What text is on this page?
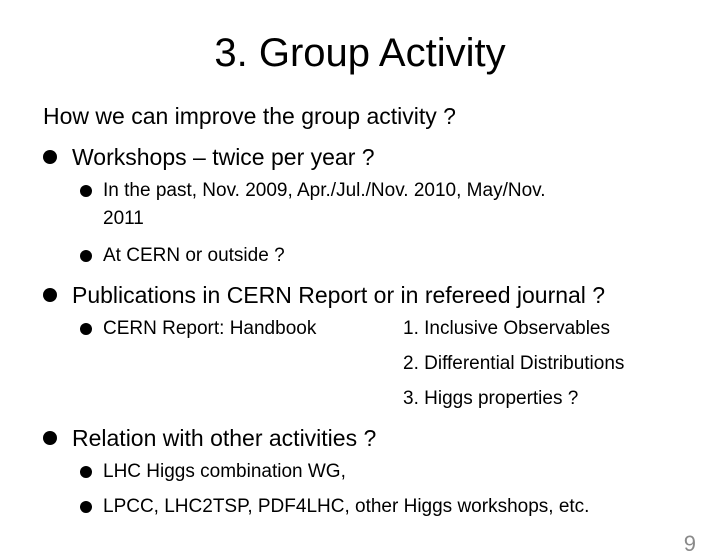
3. Group Activity
How we can improve the group activity ?
Workshops – twice per year ?
In the past, Nov. 2009, Apr./Jul./Nov. 2010, May/Nov.
2011
At CERN or outside ?
Publications in CERN Report or in refereed journal ?
CERN Report: Handbook	1. Inclusive Observables
2. Differential Distributions
3. Higgs properties ?
Relation with other activities ?
LHC Higgs combination WG,
LPCC, LHC2TSP, PDF4LHC, other Higgs workshops, etc.
9
